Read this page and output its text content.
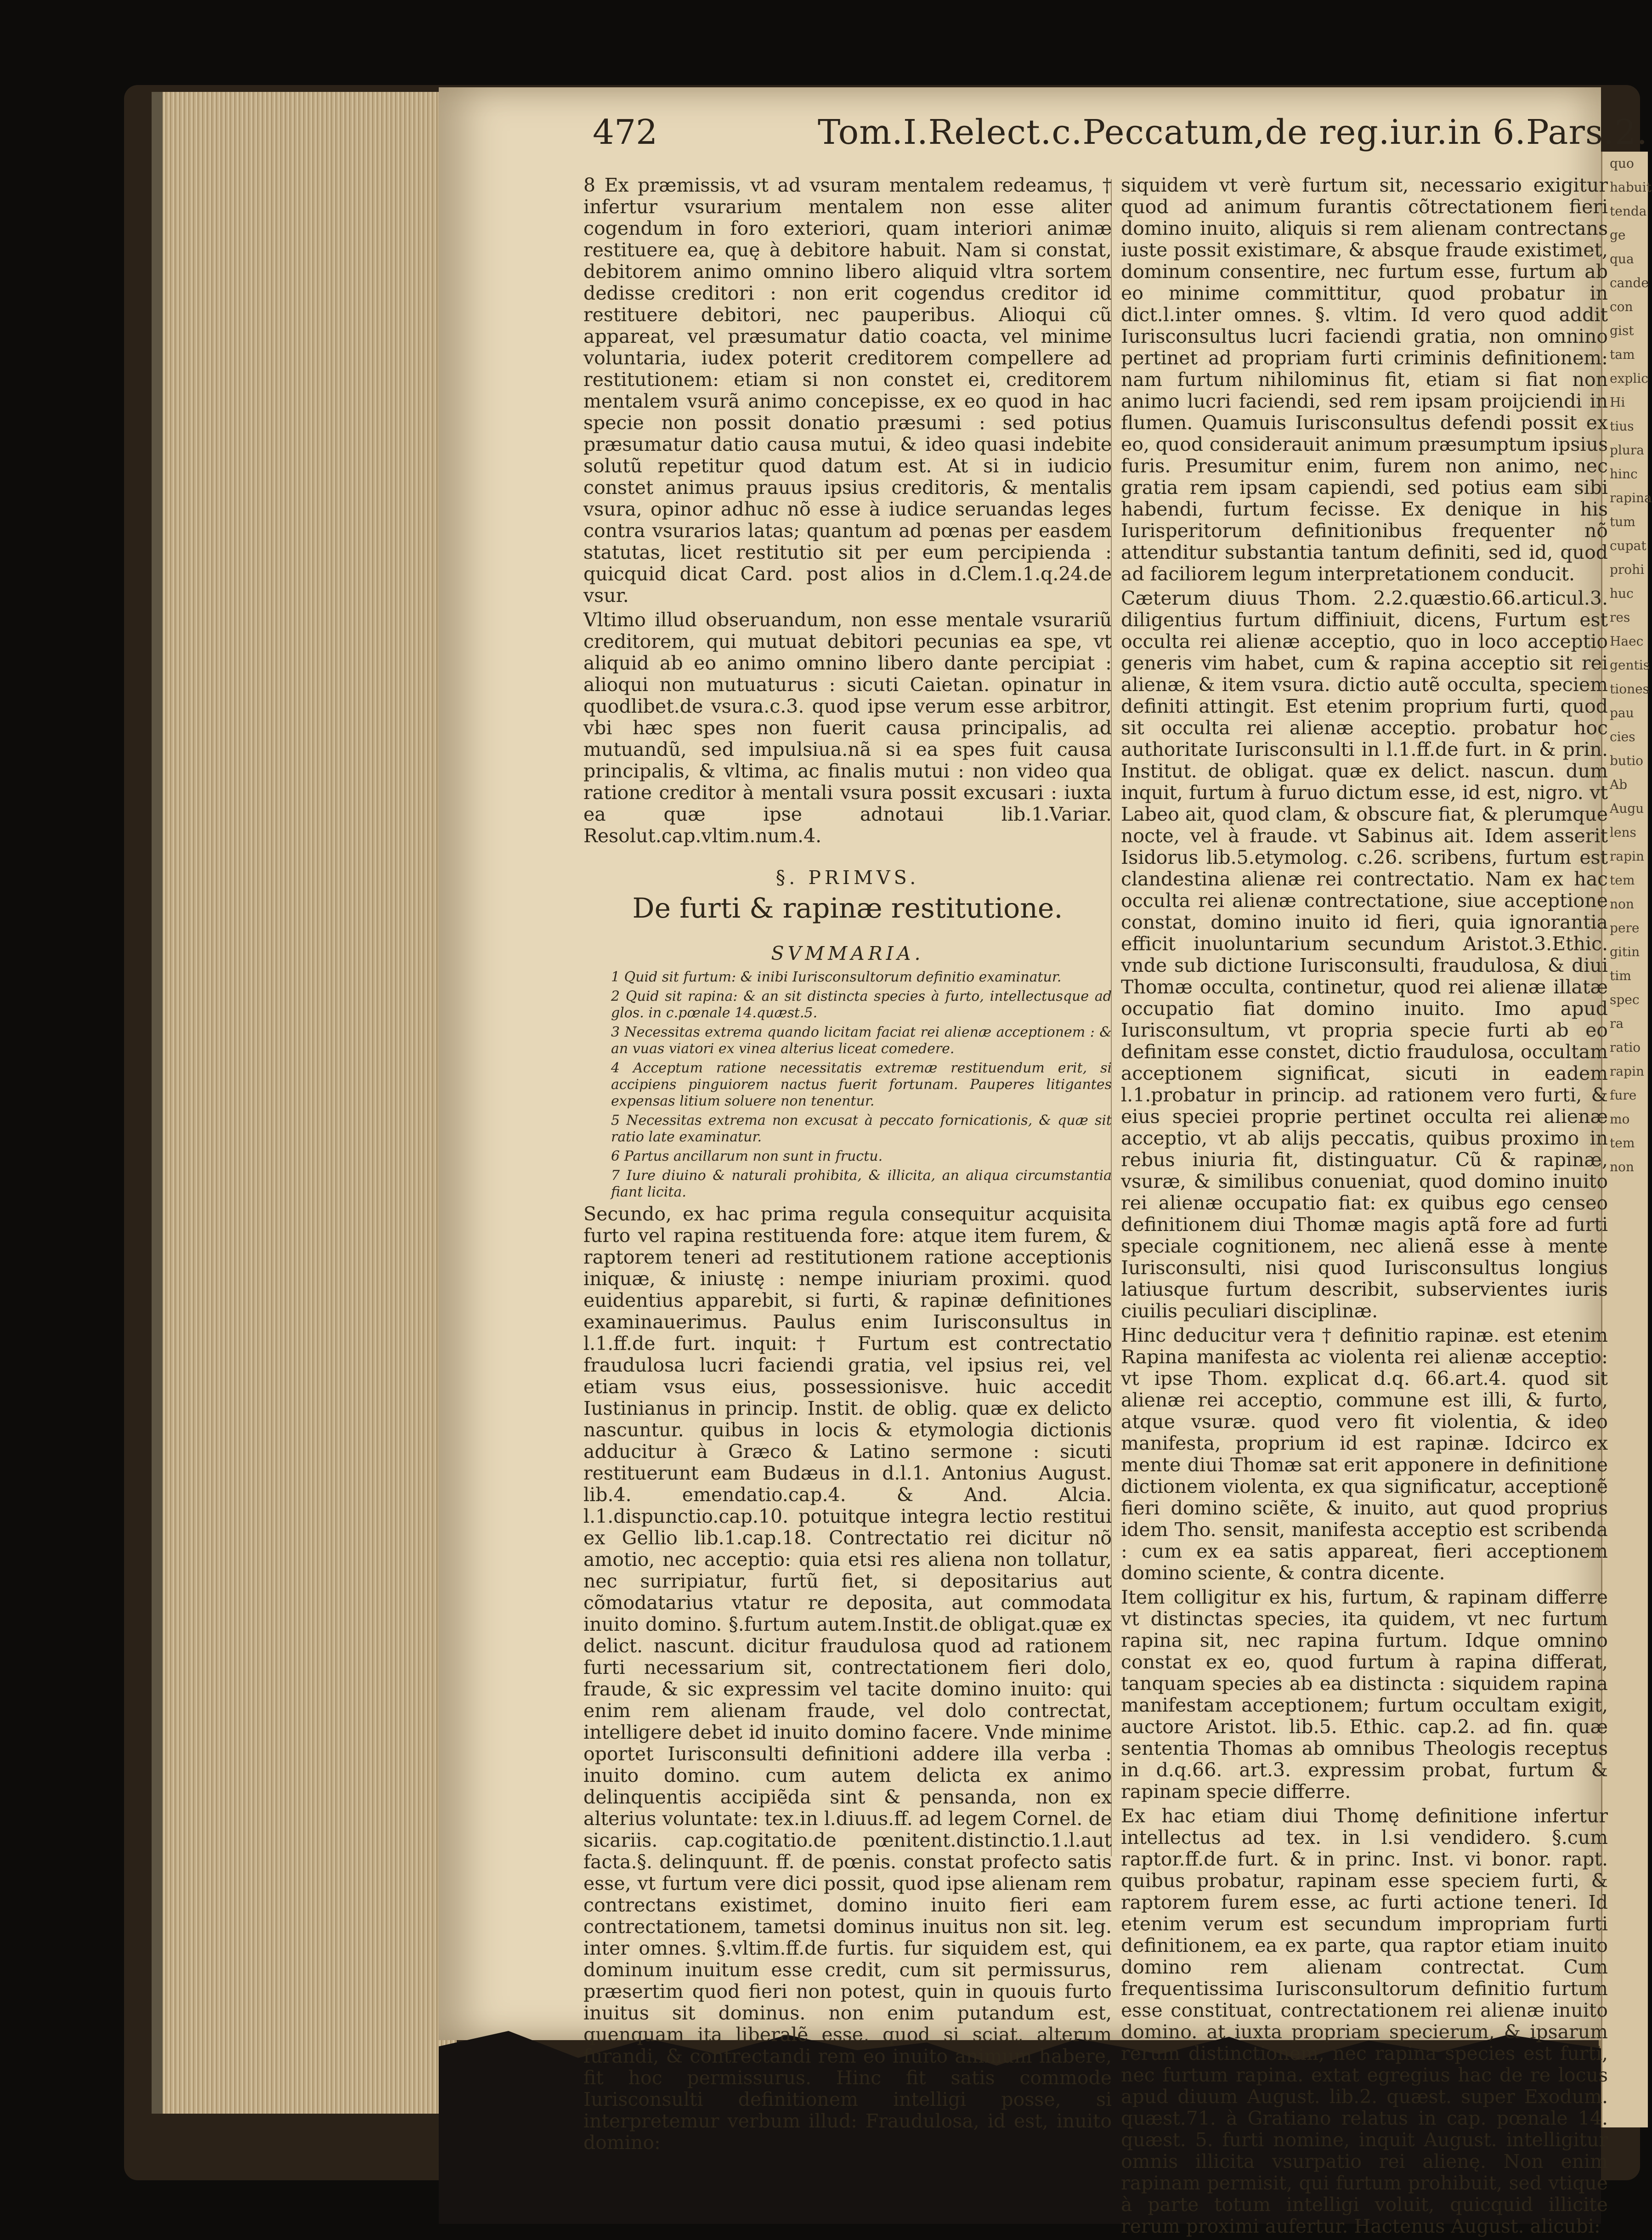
quo
habuit
tenda
ge
qua
cande
con
gist
tam
explic
Hi
tius
plura
hinc
rapina
tum
cupat
prohi
huc
res
Haec
gentis
tiones
pau
cies
butio
Ab
Augu
lens
rapin
tem
non
pere
gitin
tim
spec
ra
ratio
rapin
fure
mo
tem
non
472	Tom.I.Relect.c.Peccatum,de reg.iur.in 6.Pars.2.

8 Ex præmissis, vt ad vsuram mentalem redeamus, † infertur vsurarium mentalem non esse aliter cogendum in foro exteriori, quam interiori animæ restituere ea, quę à debitore habuit. Nam si constat, debitorem animo omnino libero aliquid vltra sortem dedisse creditori : non erit cogendus creditor id restituere debitori, nec pauperibus. Alioqui cũ appareat, vel præsumatur datio coacta, vel minime voluntaria, iudex poterit creditorem compellere ad restitutionem: etiam si non constet ei, creditorem mentalem vsurã animo concepisse, ex eo quod in hac specie non possit donatio præsumi : sed potius præsumatur datio causa mutui, & ideo quasi indebite solutũ repetitur quod datum est. At si in iudicio constet animus prauus ipsius creditoris, & mentalis vsura, opinor adhuc nõ esse à iudice seruandas leges contra vsurarios latas; quantum ad pœnas per easdem statutas, licet restitutio sit per eum percipienda : quicquid dicat Card. post alios in d.Clem.1.q.24.de vsur.

Vltimo illud obseruandum, non esse mentale vsurariũ creditorem, qui mutuat debitori pecunias ea spe, vt aliquid ab eo animo omnino libero dante percipiat : alioqui non mutuaturus : sicuti Caietan. opinatur in quodlibet.de vsura.c.3. quod ipse verum esse arbitror, vbi hæc spes non fuerit causa principalis, ad mutuandũ, sed impulsiua.nã si ea spes fuit causa principalis, & vltima, ac finalis mutui : non video qua ratione creditor à mentali vsura possit excusari : iuxta ea quæ ipse adnotaui lib.1.Variar. Resolut.cap.vltim.num.4.

§. PRIMVS.
De furti & rapinæ restitutione.
SVMMARIA.

1 Quid sit furtum: & inibi Iurisconsultorum definitio examinatur.

2 Quid sit rapina: & an sit distincta species à furto, intellectusque ad glos. in c.pœnale 14.quæst.5.

3 Necessitas extrema quando licitam faciat rei alienæ acceptionem : & an vuas viatori ex vinea alterius liceat comedere.

4 Acceptum ratione necessitatis extremæ restituendum erit, si accipiens pinguiorem nactus fuerit fortunam. Pauperes litigantes expensas litium soluere non tenentur.

5 Necessitas extrema non excusat à peccato fornicationis, & quæ sit ratio late examinatur.

6 Partus ancillarum non sunt in fructu.

7 Iure diuino & naturali prohibita, & illicita, an aliqua circumstantia fiant licita.

Secundo, ex hac prima regula consequitur acquisita furto vel rapina restituenda fore: atque item furem, & raptorem teneri ad restitutionem ratione acceptionis iniquæ, & iniustę : nempe iniuriam proximi. quod euidentius apparebit, si furti, & rapinæ definitiones examinauerimus. Paulus enim Iurisconsultus in l.1.ff.de furt. inquit: † Furtum est contrectatio fraudulosa lucri faciendi gratia, vel ipsius rei, vel etiam vsus eius, possessionisve. huic accedit Iustinianus in princip. Instit. de oblig. quæ ex delicto nascuntur. quibus in locis & etymologia dictionis adducitur à Græco & Latino sermone : sicuti restituerunt eam Budæus in d.l.1. Antonius August. lib.4. emendatio.cap.4. & And. Alcia. l.1.dispunctio.cap.10. potuitque integra lectio restitui ex Gellio lib.1.cap.18. Contrectatio rei dicitur nõ amotio, nec acceptio: quia etsi res aliena non tollatur, nec surripiatur, furtũ fiet, si depositarius aut cõmodatarius vtatur re deposita, aut commodata inuito domino. §.furtum autem.Instit.de obligat.quæ ex delict. nascunt. dicitur fraudulosa quod ad rationem furti necessarium sit, contrectationem fieri dolo, fraude, & sic expressim vel tacite domino inuito: qui enim rem alienam fraude, vel dolo contrectat, intelligere debet id inuito domino facere. Vnde minime oportet Iurisconsulti definitioni addere illa verba : inuito domino. cum autem delicta ex animo delinquentis accipiẽda sint & pensanda, non ex alterius voluntate: tex.in l.diuus.ff. ad legem Cornel. de sicariis. cap.cogitatio.de pœnitent.distinctio.1.l.aut facta.§. delinquunt. ff. de pœnis. constat profecto satis esse, vt furtum vere dici possit, quod ipse alienam rem contrectans existimet, domino inuito fieri eam contrectationem, tametsi dominus inuitus non sit. leg. inter omnes. §.vltim.ff.de furtis. fur siquidem est, qui dominum inuitum esse credit, cum sit permissurus, præsertim quod fieri non potest, quin in quouis furto inuitus sit dominus. non enim putandum est, quenquam ita liberalẽ esse, quod si sciat, alterum furandi, & contrectandi rem eo inuito animum habere, fit hoc permissurus. Hinc fit satis commode Iurisconsulti definitionem intelligi posse, si interpretemur verbum illud: Fraudulosa, id est, inuito domino:

siquidem vt verè furtum sit, necessario exigitur quod ad animum furantis cõtrectationem fieri domino inuito, aliquis si rem alienam contrectans iuste possit existimare, & absque fraude existimet, dominum consentire, nec furtum esse, furtum ab eo minime committitur, quod probatur in dict.l.inter omnes. §. vltim. Id vero quod addit Iurisconsultus lucri faciendi gratia, non omnino pertinet ad propriam furti criminis definitionem: nam furtum nihilominus fit, etiam si fiat non animo lucri faciendi, sed rem ipsam proijciendi in flumen. Quamuis Iurisconsultus defendi possit ex eo, quod considerauit animum præsumptum ipsius furis. Presumitur enim, furem non animo, nec gratia rem ipsam capiendi, sed potius eam sibi habendi, furtum fecisse. Ex denique in his Iurisperitorum definitionibus frequenter nõ attenditur substantia tantum definiti, sed id, quod ad faciliorem legum interpretationem conducit.

Cæterum diuus Thom. 2.2.quæstio.66.articul.3. diligentius furtum diffiniuit, dicens, Furtum est occulta rei alienæ acceptio, quo in loco acceptio generis vim habet, cum & rapina acceptio sit rei alienæ, & item vsura. dictio autẽ occulta, speciem definiti attingit. Est etenim proprium furti, quod sit occulta rei alienæ acceptio. probatur hoc authoritate Iurisconsulti in l.1.ff.de furt. in & prin. Institut. de obligat. quæ ex delict. nascun. dum inquit, furtum à furuo dictum esse, id est, nigro. vt Labeo ait, quod clam, & obscure fiat, & plerumque nocte, vel à fraude. vt Sabinus ait. Idem asserit Isidorus lib.5.etymolog. c.26. scribens, furtum est clandestina alienæ rei contrectatio. Nam ex hac occulta rei alienæ contrectatione, siue acceptione constat, domino inuito id fieri, quia ignorantia efficit inuoluntarium secundum Aristot.3.Ethic. vnde sub dictione Iurisconsulti, fraudulosa, & diui Thomæ occulta, continetur, quod rei alienæ illatæ occupatio fiat domino inuito. Imo apud Iurisconsultum, vt propria specie furti ab eo definitam esse constet, dictio fraudulosa, occultam acceptionem significat, sicuti in eadem l.1.probatur in princip. ad rationem vero furti, & eius speciei proprie pertinet occulta rei alienæ acceptio, vt ab alijs peccatis, quibus proximo in rebus iniuria fit, distinguatur. Cũ & rapinæ, vsuræ, & similibus conueniat, quod domino inuito rei alienæ occupatio fiat: ex quibus ego censeo definitionem diui Thomæ magis aptã fore ad furti speciale cognitionem, nec alienã esse à mente Iurisconsulti, nisi quod Iurisconsultus longius latiusque furtum describit, subservientes iuris ciuilis peculiari disciplinæ.

Hinc deducitur vera † definitio rapinæ. est etenim Rapina manifesta ac violenta rei alienæ acceptio: vt ipse Thom. explicat d.q. 66.art.4. quod sit alienæ rei acceptio, commune est illi, & furto, atque vsuræ. quod vero fit violentia, & ideo manifesta, proprium id est rapinæ. Idcirco ex mente diui Thomæ sat erit apponere in definitione dictionem violenta, ex qua significatur, acceptionẽ fieri domino sciẽte, & inuito, aut quod proprius idem Tho. sensit, manifesta acceptio est scribenda : cum ex ea satis appareat, fieri acceptionem domino sciente, & contra dicente.

Item colligitur ex his, furtum, & rapinam differre vt distinctas species, ita quidem, vt nec furtum rapina sit, nec rapina furtum. Idque omnino constat ex eo, quod furtum à rapina differat, tanquam species ab ea distincta : siquidem rapina manifestam acceptionem; furtum occultam exigit, auctore Aristot. lib.5. Ethic. cap.2. ad fin. quæ sententia Thomas ab omnibus Theologis receptus in d.q.66. art.3. expressim probat, furtum & rapinam specie differre.

Ex hac etiam diui Thomę definitione infertur intellectus ad tex. in l.si vendidero. §.cum raptor.ff.de furt. & in princ. Inst. vi bonor. rapt. quibus probatur, rapinam esse speciem furti, & raptorem furem esse, ac furti actione teneri. Id etenim verum est secundum impropriam furti definitionem, ea ex parte, qua raptor etiam inuito domino rem alienam contrectat. Cum frequentissima Iurisconsultorum definitio furtum esse constituat, contrectationem rei alienæ inuito domino. at iuxta propriam specierum, & ipsarum rerum distinctionem, nec rapina species est furti, nec furtum rapina. extat egregius hac de re locus apud diuum August. lib.2. quæst. super Exodum. quæst.71. à Gratiano relatus in cap. pœnale 14. quæst. 5. furti nomine, inquit August. intelligitur omnis illicita vsurpatio rei alienę. Non enim rapinam permisit, qui furtum prohibuit, sed vtique à parte totum intelligi voluit, quicquid illicite rerum proximi aufertur. Hactenus August. alicubi:
